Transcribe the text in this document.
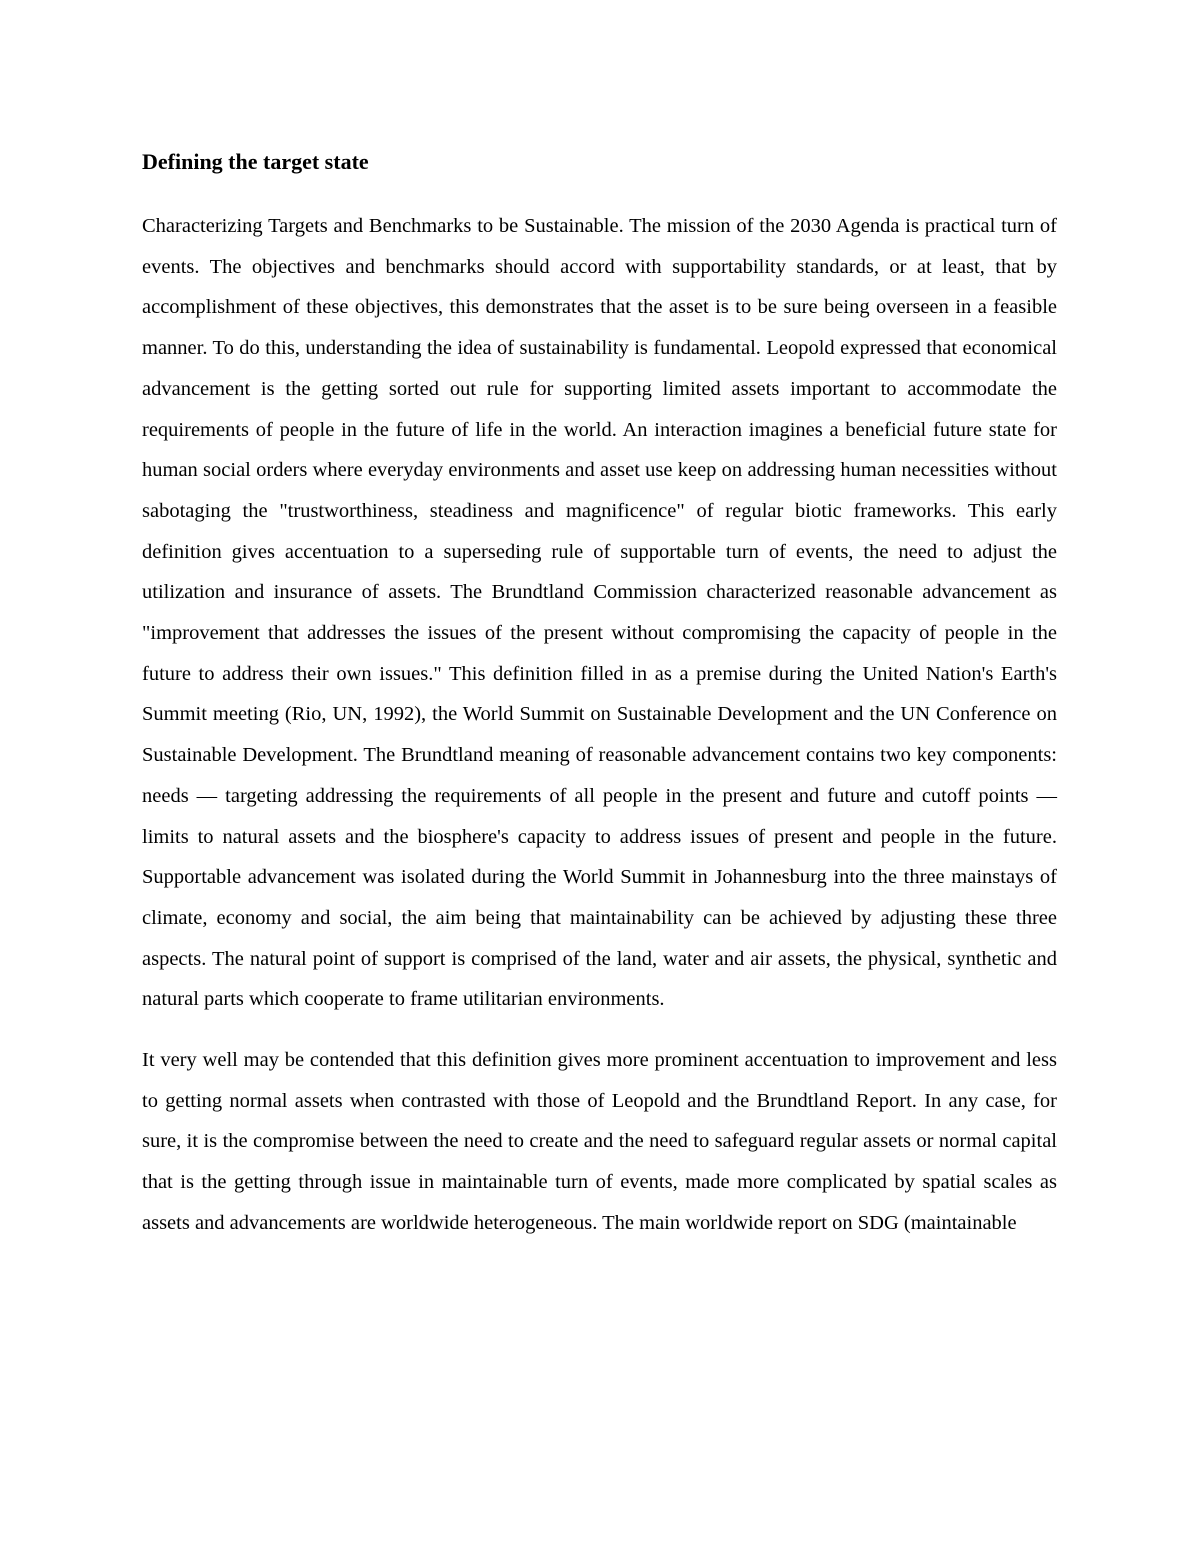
Defining the target state

Characterizing Targets and Benchmarks to be Sustainable. The mission of the 2030 Agenda is practical turn of events. The objectives and benchmarks should accord with supportability standards, or at least, that by accomplishment of these objectives, this demonstrates that the asset is to be sure being overseen in a feasible manner. To do this, understanding the idea of sustainability is fundamental. Leopold expressed that economical advancement is the getting sorted out rule for supporting limited assets important to accommodate the requirements of people in the future of life in the world. An interaction imagines a beneficial future state for human social orders where everyday environments and asset use keep on addressing human necessities without sabotaging the "trustworthiness, steadiness and magnificence" of regular biotic frameworks. This early definition gives accentuation to a superseding rule of supportable turn of events, the need to adjust the utilization and insurance of assets. The Brundtland Commission characterized reasonable advancement as "improvement that addresses the issues of the present without compromising the capacity of people in the future to address their own issues." This definition filled in as a premise during the United Nation's Earth's Summit meeting (Rio, UN, 1992), the World Summit on Sustainable Development and the UN Conference on Sustainable Development. The Brundtland meaning of reasonable advancement contains two key components: needs — targeting addressing the requirements of all people in the present and future and cutoff points — limits to natural assets and the biosphere's capacity to address issues of present and people in the future. Supportable advancement was isolated during the World Summit in Johannesburg into the three mainstays of climate, economy and social, the aim being that maintainability can be achieved by adjusting these three aspects. The natural point of support is comprised of the land, water and air assets, the physical, synthetic and natural parts which cooperate to frame utilitarian environments.

It very well may be contended that this definition gives more prominent accentuation to improvement and less to getting normal assets when contrasted with those of Leopold and the Brundtland Report. In any case, for sure, it is the compromise between the need to create and the need to safeguard regular assets or normal capital that is the getting through issue in maintainable turn of events, made more complicated by spatial scales as assets and advancements are worldwide heterogeneous. The main worldwide report on SDG (maintainable
